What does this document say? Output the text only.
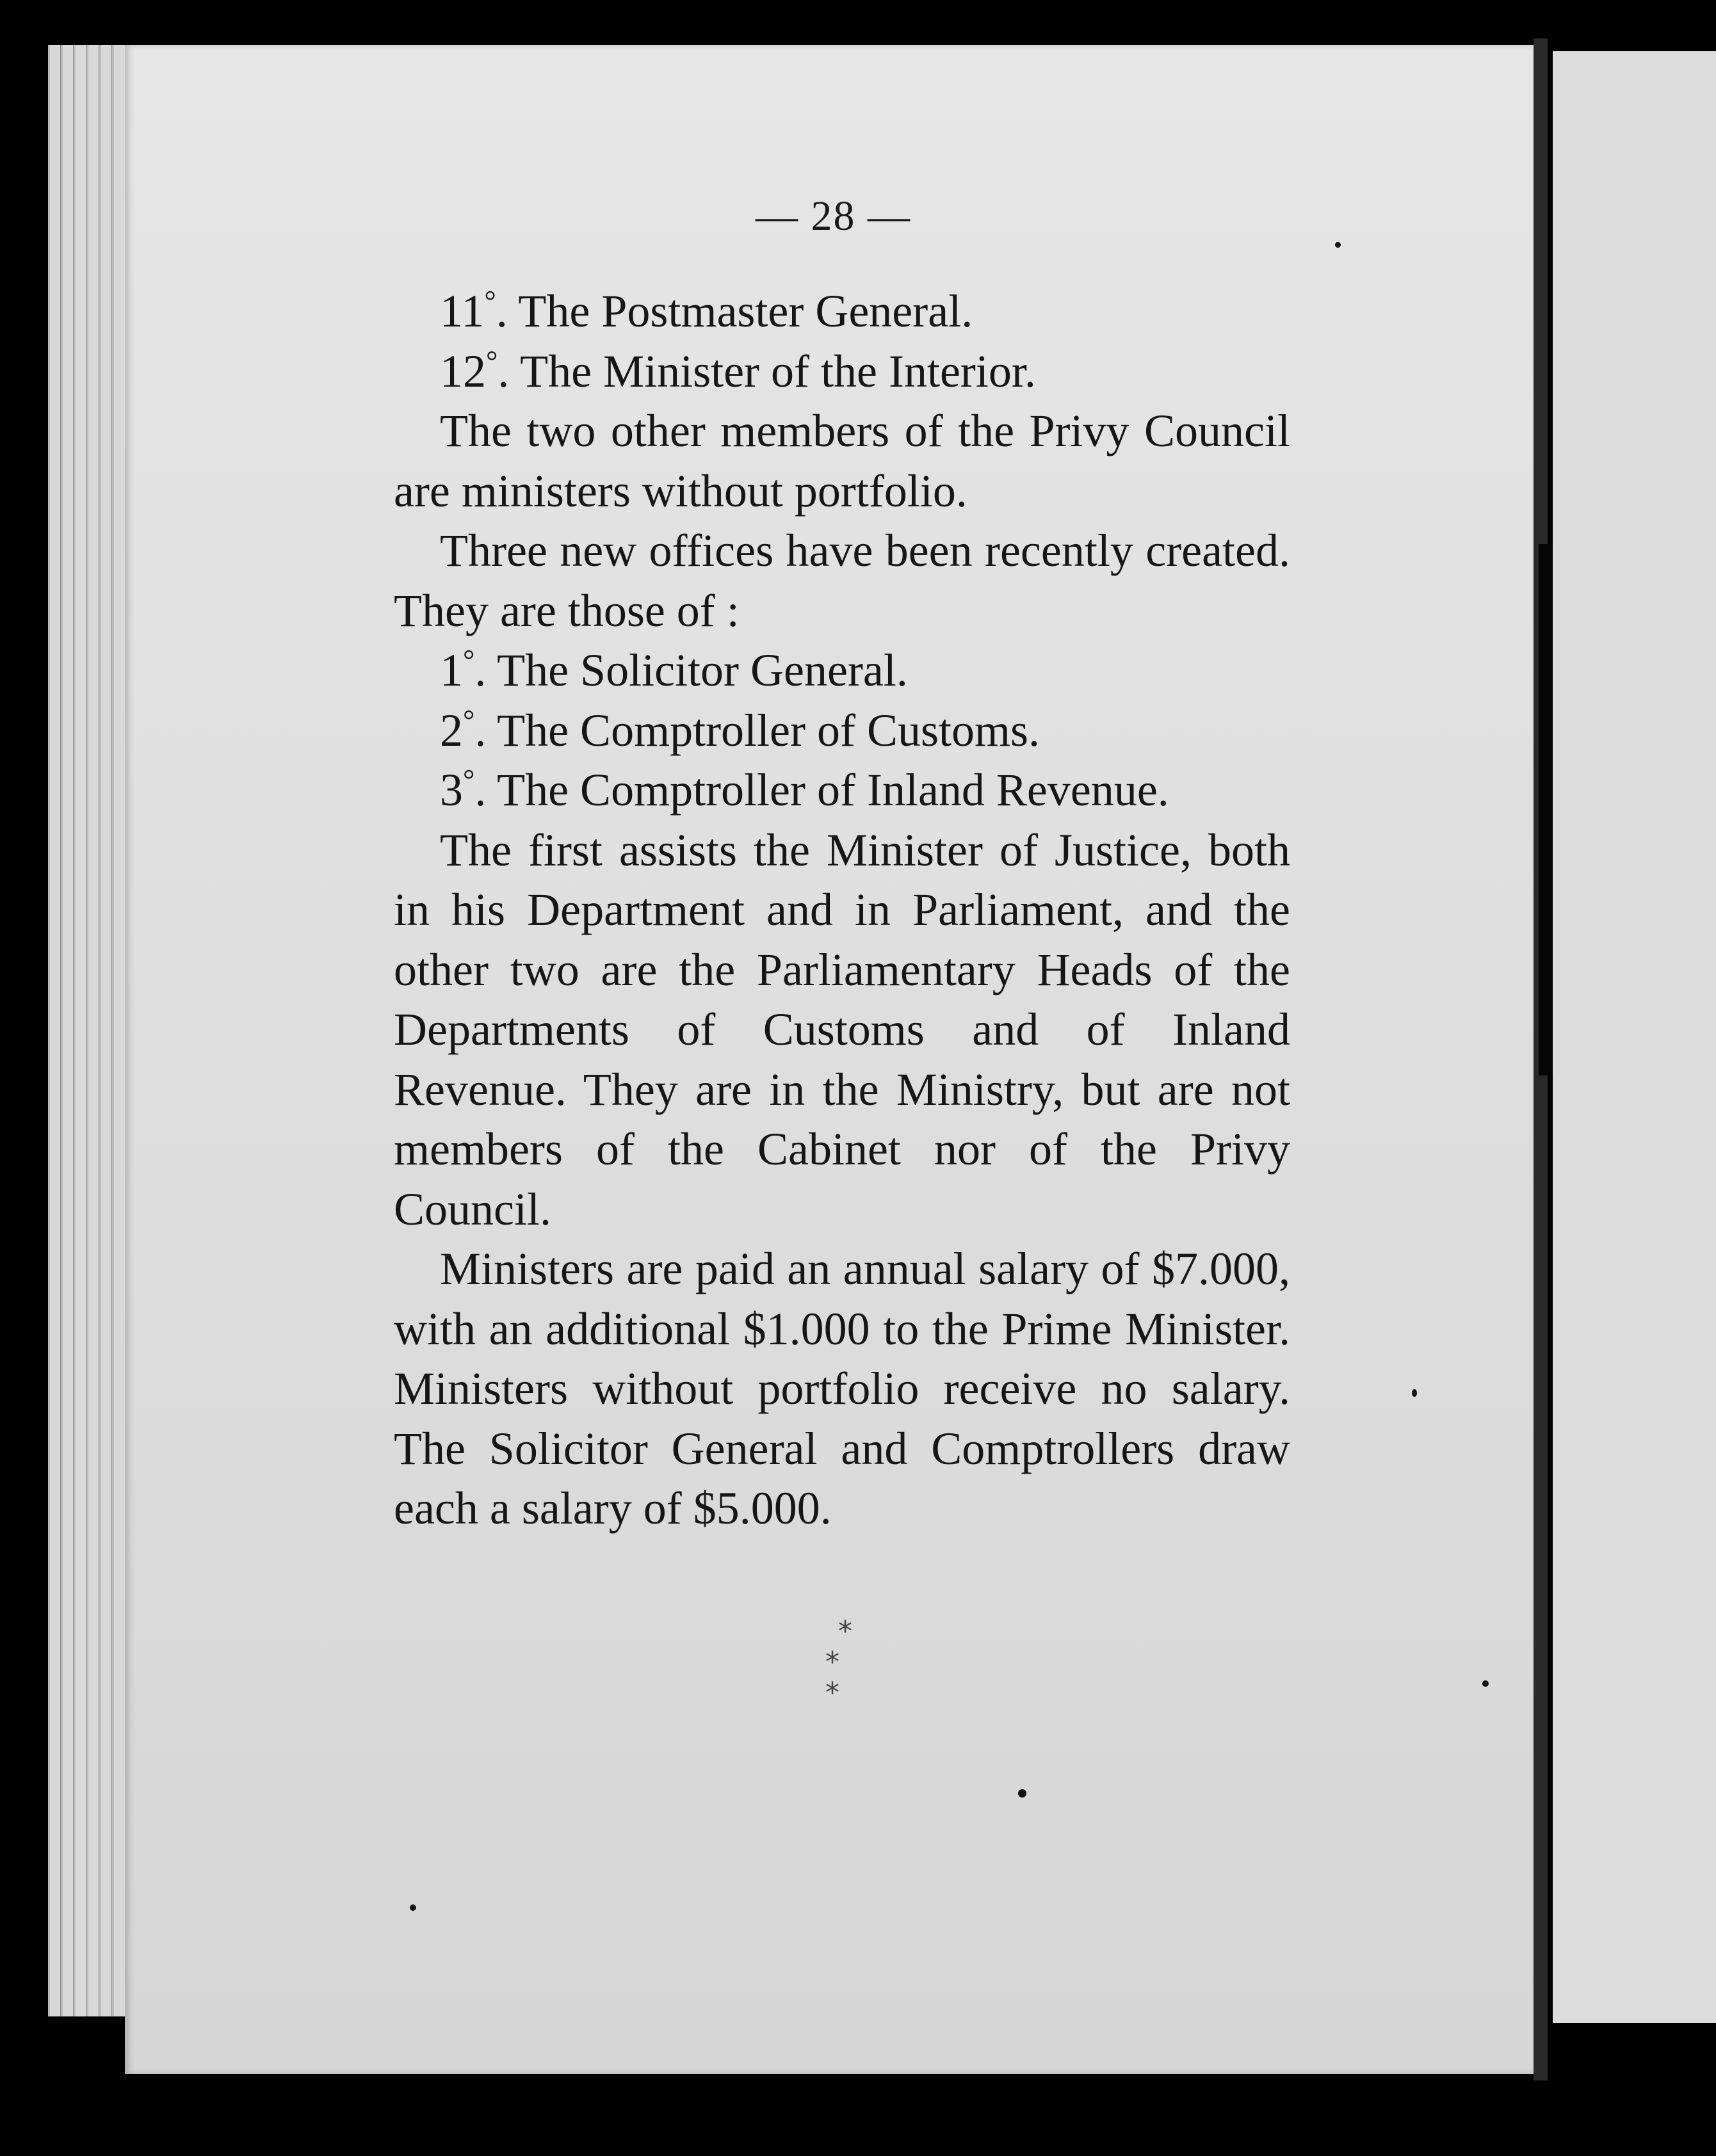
— 28 —

11°. The Postmaster General.

12°. The Minister of the Interior.

The two other members of the Privy Council are ministers without portfolio.

Three new offices have been recently created. They are those of :

1°. The Solicitor General.

2°. The Comptroller of Customs.

3°. The Comptroller of Inland Revenue.

The first assists the Minister of Justice, both in his Department and in Parliament, and the other two are the Parliamentary Heads of the Departments of Customs and of Inland Revenue. They are in the Ministry, but are not members of the Cabinet nor of the Privy Council.

Ministers are paid an annual salary of $7.000, with an additional $1.000 to the Prime Minister. Ministers without portfolio receive no salary. The Solicitor General and Comptrollers draw each a salary of $5.000.

*
* *
